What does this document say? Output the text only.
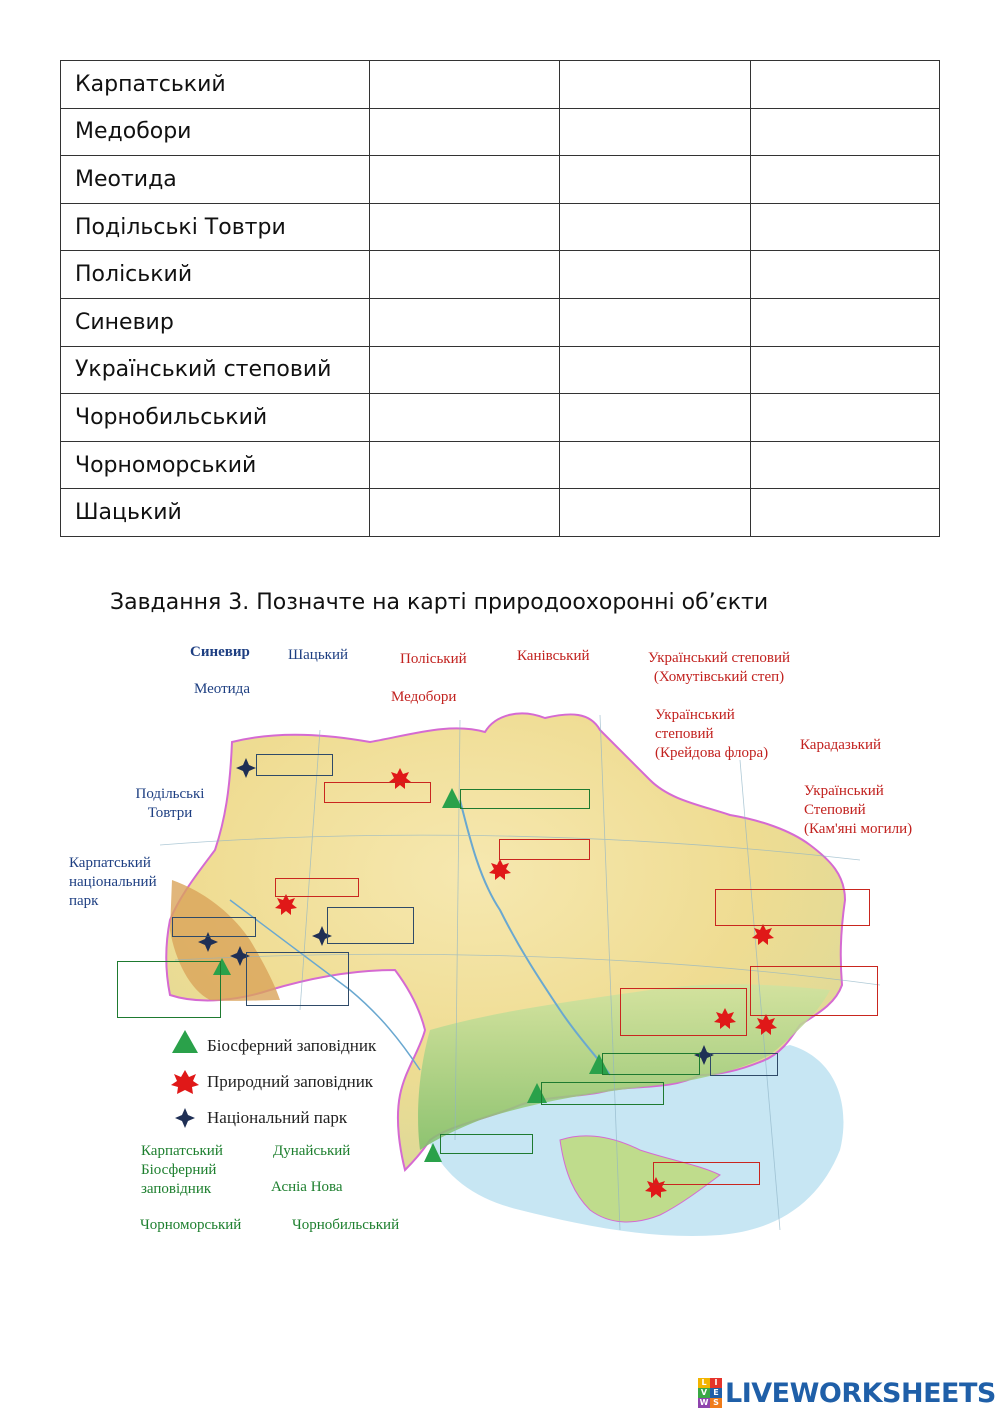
Карпатський			
Медобори			
Меотида			
Подільські Товтри			
Поліський			
Синевир			
Український степовий			
Чорнобильський			
Чорноморський			
Шацький			
Завдання 3. Позначте на карті природоохоронні об’єкти
Синевир	Шацький	Поліський	Канівський	Український степовий
(Хомутівський степ)
Меотида	Медобори
Український
степовий
(Крейдова флора) Карадазький
Подільські
Товтри
Український
Степовий
(Кам'яні могили)
Карпатський
національний
парк
Біосферний заповідник
Природний заповідник
Національний парк
Карпатський
Біосферний
заповідник
Дунайський
Асніа Нова
Чорноморський	Чорнобильський
L I
V E
W S LIVEWORKSHEETS
